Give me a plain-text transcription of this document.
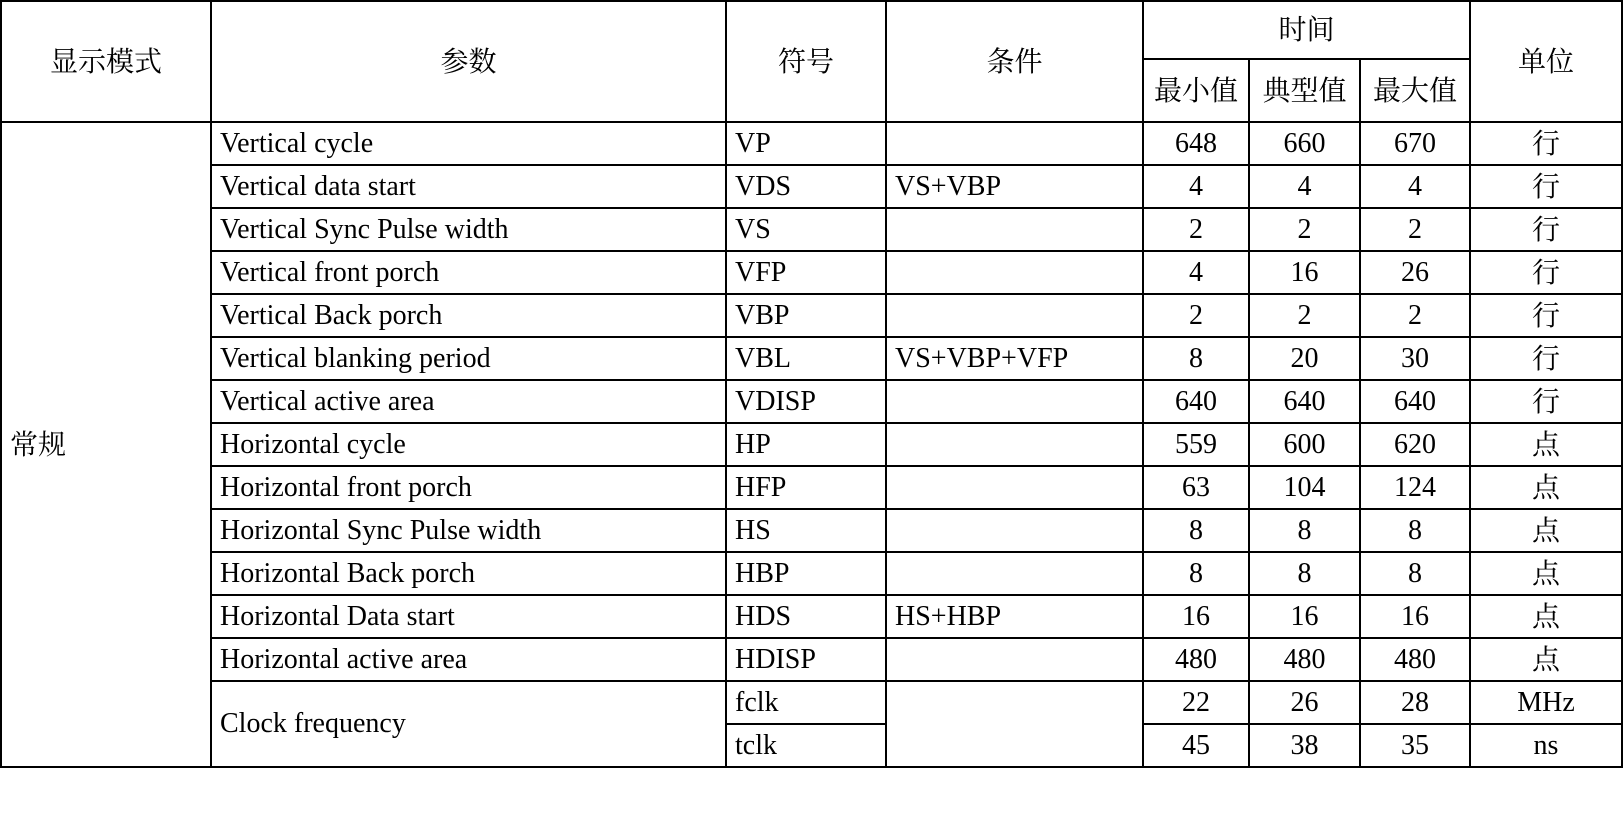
显示模式	参数	符号	条件	时间			单位
				最小值	典型值	最大值	
常规	Vertical cycle	VP		648	660	670	行
	Vertical data start	VDS	VS+VBP	4	4	4	行
	Vertical Sync Pulse width	VS		2	2	2	行
	Vertical front porch	VFP		4	16	26	行
	Vertical Back porch	VBP		2	2	2	行
	Vertical blanking period	VBL	VS+VBP+VFP	8	20	30	行
	Vertical active area	VDISP		640	640	640	行
	Horizontal cycle	HP		559	600	620	点
	Horizontal front porch	HFP		63	104	124	点
	Horizontal Sync Pulse width	HS		8	8	8	点
	Horizontal Back porch	HBP		8	8	8	点
	Horizontal Data start	HDS	HS+HBP	16	16	16	点
	Horizontal active area	HDISP		480	480	480	点
	Clock frequency	fclk		22	26	28	MHz
		tclk		45	38	35	ns
